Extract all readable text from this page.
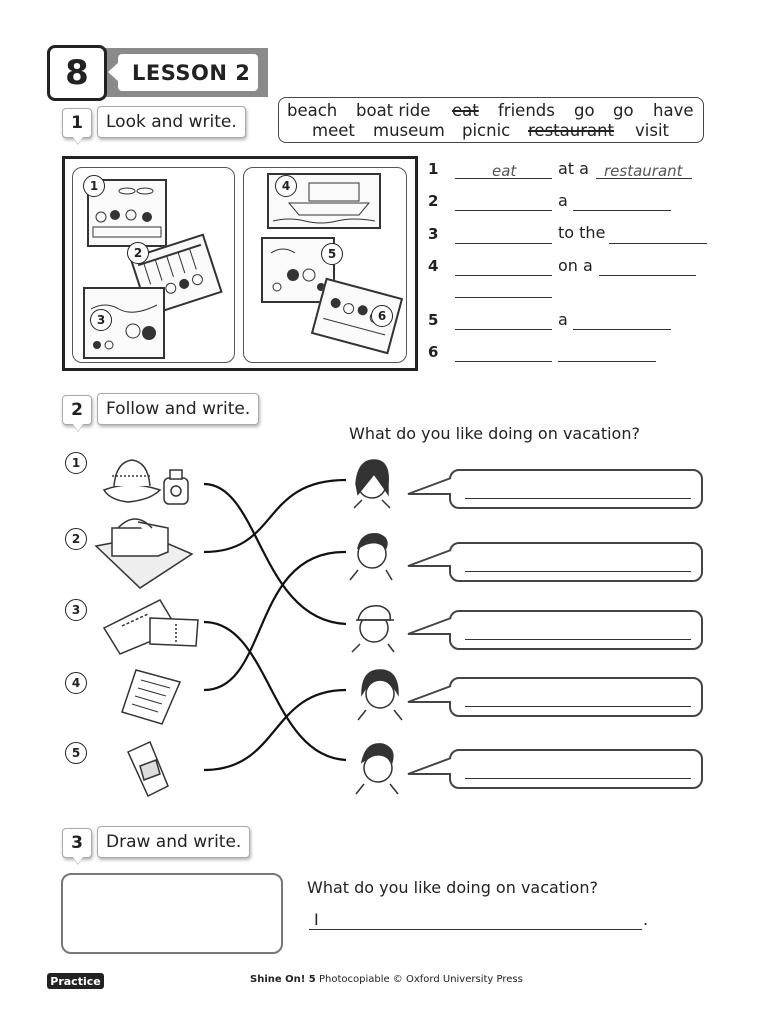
8	LESSON 2
1	Look and write.
beach boat ride eat friends go go have
meet museum picnic restaurant visit
1
2
3
4
5
6
1	eat	at a restaurant
2	a
3	to the
4	on a
5	a
6
2	Follow and write.
What do you like doing on vacation?
1
2
3
4
5
3	Draw and write.
What do you like doing on vacation?
I	.
Practice	Shine On! 5 Photocopiable © Oxford University Press
